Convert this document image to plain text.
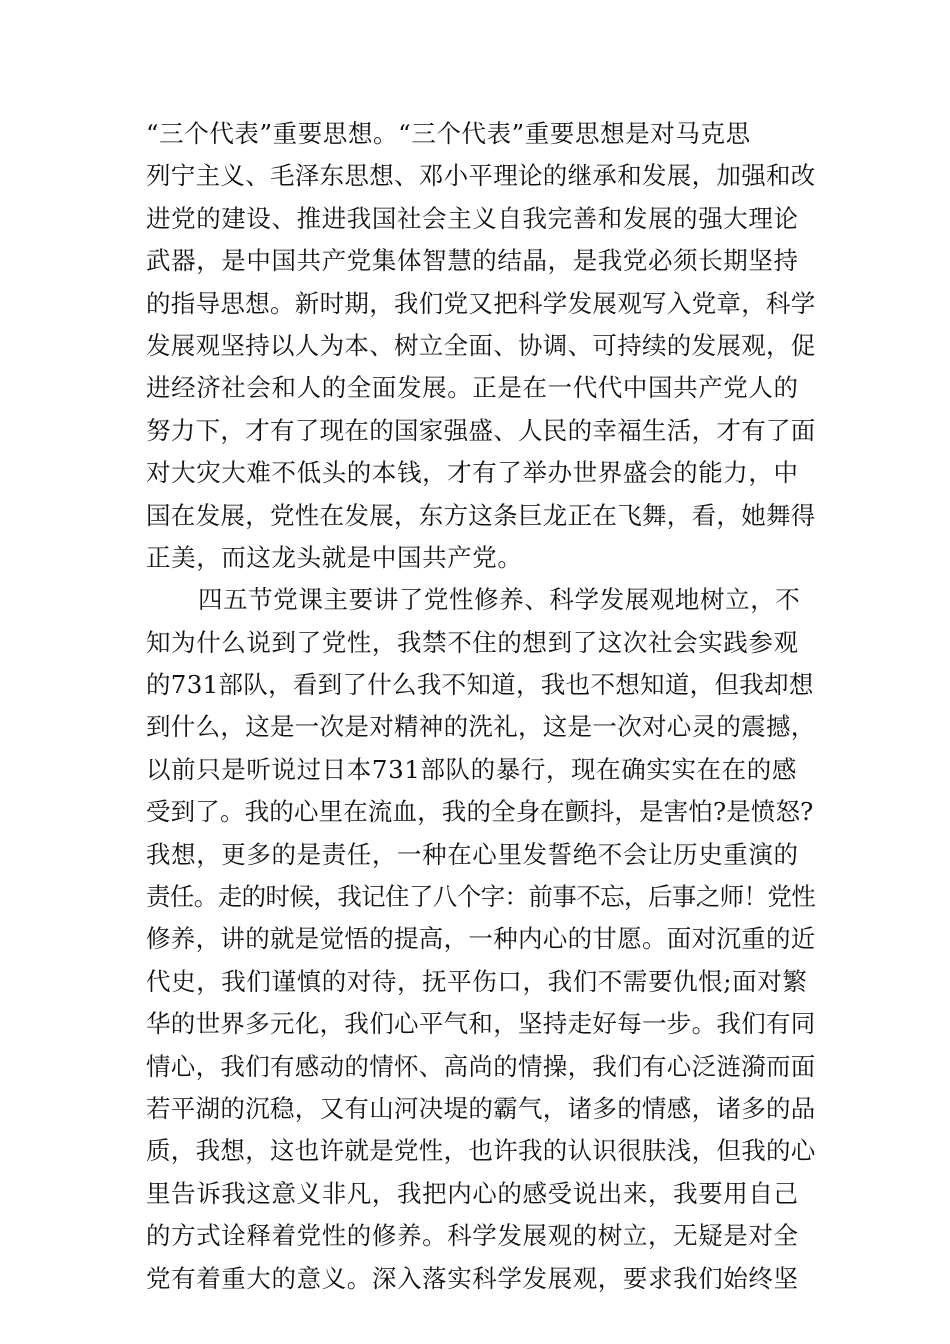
“三个代表”重要思想。“三个代表”重要思想是对马克思
列宁主义、毛泽东思想、邓小平理论的继承和发展，加强和改
进党的建设、推进我国社会主义自我完善和发展的强大理论
武器，是中国共产党集体智慧的结晶，是我党必须长期坚持
的指导思想。新时期，我们党又把科学发展观写入党章，科学
发展观坚持以人为本、树立全面、协调、可持续的发展观，促
进经济社会和人的全面发展。正是在一代代中国共产党人的
努力下，才有了现在的国家强盛、人民的幸福生活，才有了面
对大灾大难不低头的本钱，才有了举办世界盛会的能力，中
国在发展，党性在发展，东方这条巨龙正在飞舞，看，她舞得
正美，而这龙头就是中国共产党。
四五节党课主要讲了党性修养、科学发展观地树立，不
知为什么说到了党性，我禁不住的想到了这次社会实践参观
的731部队，看到了什么我不知道，我也不想知道，但我却想
到什么，这是一次是对精神的洗礼，这是一次对心灵的震撼，
以前只是听说过日本731部队的暴行，现在确实实在在的感
受到了。我的心里在流血，我的全身在颤抖，是害怕?是愤怒?
我想，更多的是责任，一种在心里发誓绝不会让历史重演的
责任。走的时候，我记住了八个字：前事不忘，后事之师！党性
修养，讲的就是觉悟的提高，一种内心的甘愿。面对沉重的近
代史，我们谨慎的对待，抚平伤口，我们不需要仇恨;面对繁
华的世界多元化，我们心平气和，坚持走好每一步。我们有同
情心，我们有感动的情怀、高尚的情操，我们有心泛涟漪而面
若平湖的沉稳，又有山河决堤的霸气，诸多的情感，诸多的品
质，我想，这也许就是党性，也许我的认识很肤浅，但我的心
里告诉我这意义非凡，我把内心的感受说出来，我要用自己
的方式诠释着党性的修养。科学发展观的树立，无疑是对全
党有着重大的意义。深入落实科学发展观，要求我们始终坚
